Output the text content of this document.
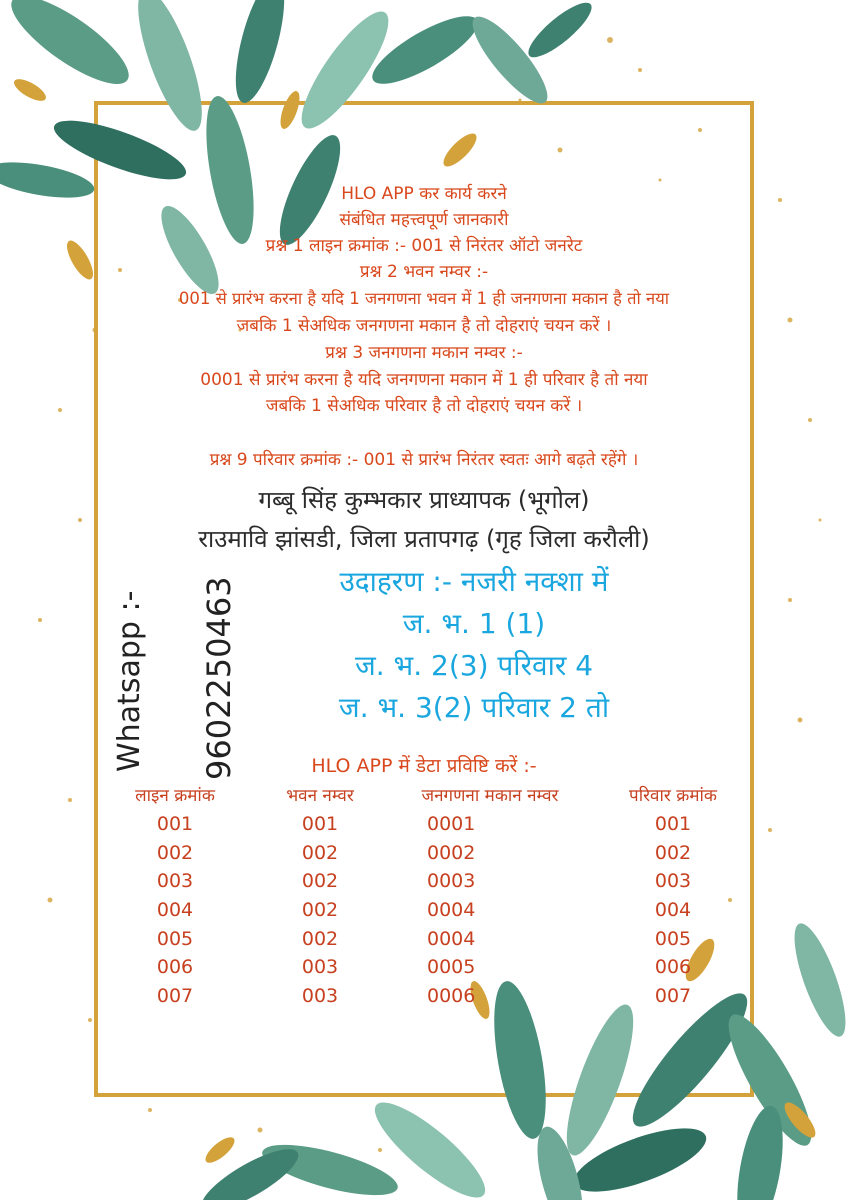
HLO APP कर कार्य करने
संबंधित महत्त्वपूर्ण जानकारी
प्रश्न 1 लाइन क्रमांक :- 001 से निरंतर ऑटो जनरेट
प्रश्न 2 भवन नम्वर :-
001 से प्रारंभ करना है यदि 1 जनगणना भवन में 1 ही जनगणना मकान है तो नया
जबकि 1 सेअधिक जनगणना मकान है तो दोहराएं चयन करें ।
प्रश्न 3 जनगणना मकान नम्वर :-
0001 से प्रारंभ करना है यदि जनगणना मकान में 1 ही परिवार है तो नया
जबकि 1 सेअधिक परिवार है तो दोहराएं चयन करें ।
प्रश्न 9 परिवार क्रमांक :- 001 से प्रारंभ निरंतर स्वतः आगे बढ़ते रहेंगे ।
गब्बू सिंह कुम्भकार प्राध्यापक (भूगोल)
राउमावि झांसडी, जिला प्रतापगढ़ (गृह जिला करौली)
उदाहरण :- नजरी नक्शा में
ज. भ. 1 (1)
ज. भ. 2(3) परिवार 4
ज. भ. 3(2) परिवार 2 तो
Whatsapp :- 9602250463	HLO APP में डेटा प्रविष्टि करें :-
लाइन क्रमांक
001
002
003
004
005
006
007
भवन नम्वर
001
002
002
002
002
003
003
जनगणना मकान नम्वर
0001
0002
0003
0004
0004
0005
0006
परिवार क्रमांक
001
002
003
004
005
006
007
